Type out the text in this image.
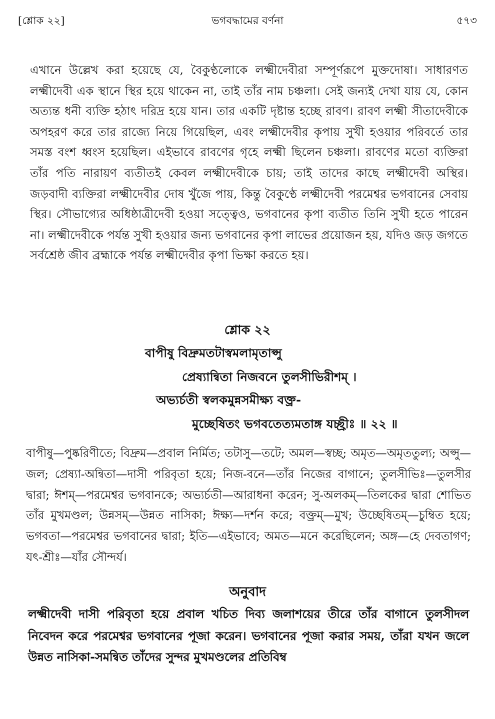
[শ্লোক ২২]	ভগবদ্ধামের বর্ণনা	৫৭৩
এখানে উল্লেখ করা হয়েছে যে, বৈকুণ্ঠলোকে লক্ষ্মীদেবীরা সম্পূর্ণরূপে মুক্তদোষা। সাধারণত লক্ষ্মীদেবী এক স্থানে স্থির হয়ে থাকেন না, তাই তাঁর নাম চঞ্চলা। সেই জন্যই দেখা যায় যে, কোন অত্যন্ত ধনী ব্যক্তি হঠাৎ দরিদ্র হয়ে যান। তার একটি দৃষ্টান্ত হচ্ছে রাবণ। রাবণ লক্ষ্মী সীতাদেবীকে অপহরণ করে তার রাজ্যে নিয়ে গিয়েছিল, এবং লক্ষ্মীদেবীর কৃপায় সুখী হওয়ার পরিবর্তে তার সমস্ত বংশ ধ্বংস হয়েছিল। এইভাবে রাবণের গৃহে লক্ষ্মী ছিলেন চঞ্চলা। রাবণের মতো ব্যক্তিরা তাঁর পতি নারায়ণ ব্যতীতই কেবল লক্ষ্মীদেবীকে চায়; তাই তাদের কাছে লক্ষ্মীদেবী অস্থির। জড়বাদী ব্যক্তিরা লক্ষ্মীদেবীর দোষ খুঁজে পায়, কিন্তু বৈকুণ্ঠে লক্ষ্মীদেবী পরমেশ্বর ভগবানের সেবায় স্থির। সৌভাগ্যের অধিষ্ঠাত্রীদেবী হওয়া সত্ত্বেও, ভগবানের কৃপা ব্যতীত তিনি সুখী হতে পারেন না। লক্ষ্মীদেবীকে পর্যন্ত সুখী হওয়ার জন্য ভগবানের কৃপা লাভের প্রয়োজন হয়, যদিও জড় জগতে সর্বশ্রেষ্ঠ জীব ব্রহ্মাকে পর্যন্ত লক্ষ্মীদেবীর কৃপা ভিক্ষা করতে হয়।
শ্লোক ২২
বাপীষু বিদ্রুমতটাস্বমলামৃতাপ্সু
প্রেষ্যান্বিতা নিজবনে তুলসীভিরীশম্ ।
অভ্যর্চতী স্বলকমুন্নসমীক্ষ্য বক্ত্র-
মুচ্ছেষিতং ভগবতেত্যমতাঙ্গ যচ্ছ্রীঃ ॥ ২২ ॥
বাপীষু—পুষ্করিণীতে; বিদ্রুম—প্রবাল নির্মিত; তটাসু—তটে; অমল—স্বচ্ছ; অমৃত—অমৃততুল্য; অপ্সু—জল; প্রেষ্যা-অন্বিতা—দাসী পরিবৃতা হয়ে; নিজ-বনে—তাঁর নিজের বাগানে; তুলসীভিঃ—তুলসীর দ্বারা; ঈশম্—পরমেশ্বর ভগবানকে; অভ্যর্চতী—আরাধনা করেন; সু-অলকম্—তিলকের দ্বারা শোভিত তাঁর মুখমণ্ডল; উন্নসম্—উন্নত নাসিকা; ঈক্ষ্য—দর্শন করে; বক্ত্রম্—মুখ; উচ্ছেষিতম্—চুম্বিত হয়ে; ভগবতা—পরমেশ্বর ভগবানের দ্বারা; ইতি—এইভাবে; অমত—মনে করেছিলেন; অঙ্গ—হে দেবতাগণ; যৎ-শ্রীঃ—যাঁর সৌন্দর্য।
অনুবাদ
লক্ষ্মীদেবী দাসী পরিবৃতা হয়ে প্রবাল খচিত দিব্য জলাশয়ের তীরে তাঁর বাগানে তুলসীদল নিবেদন করে পরমেশ্বর ভগবানের পূজা করেন। ভগবানের পূজা করার সময়, তাঁরা যখন জলে উন্নত নাসিকা-সমন্বিত তাঁদের সুন্দর মুখমণ্ডলের প্রতিবিম্ব
